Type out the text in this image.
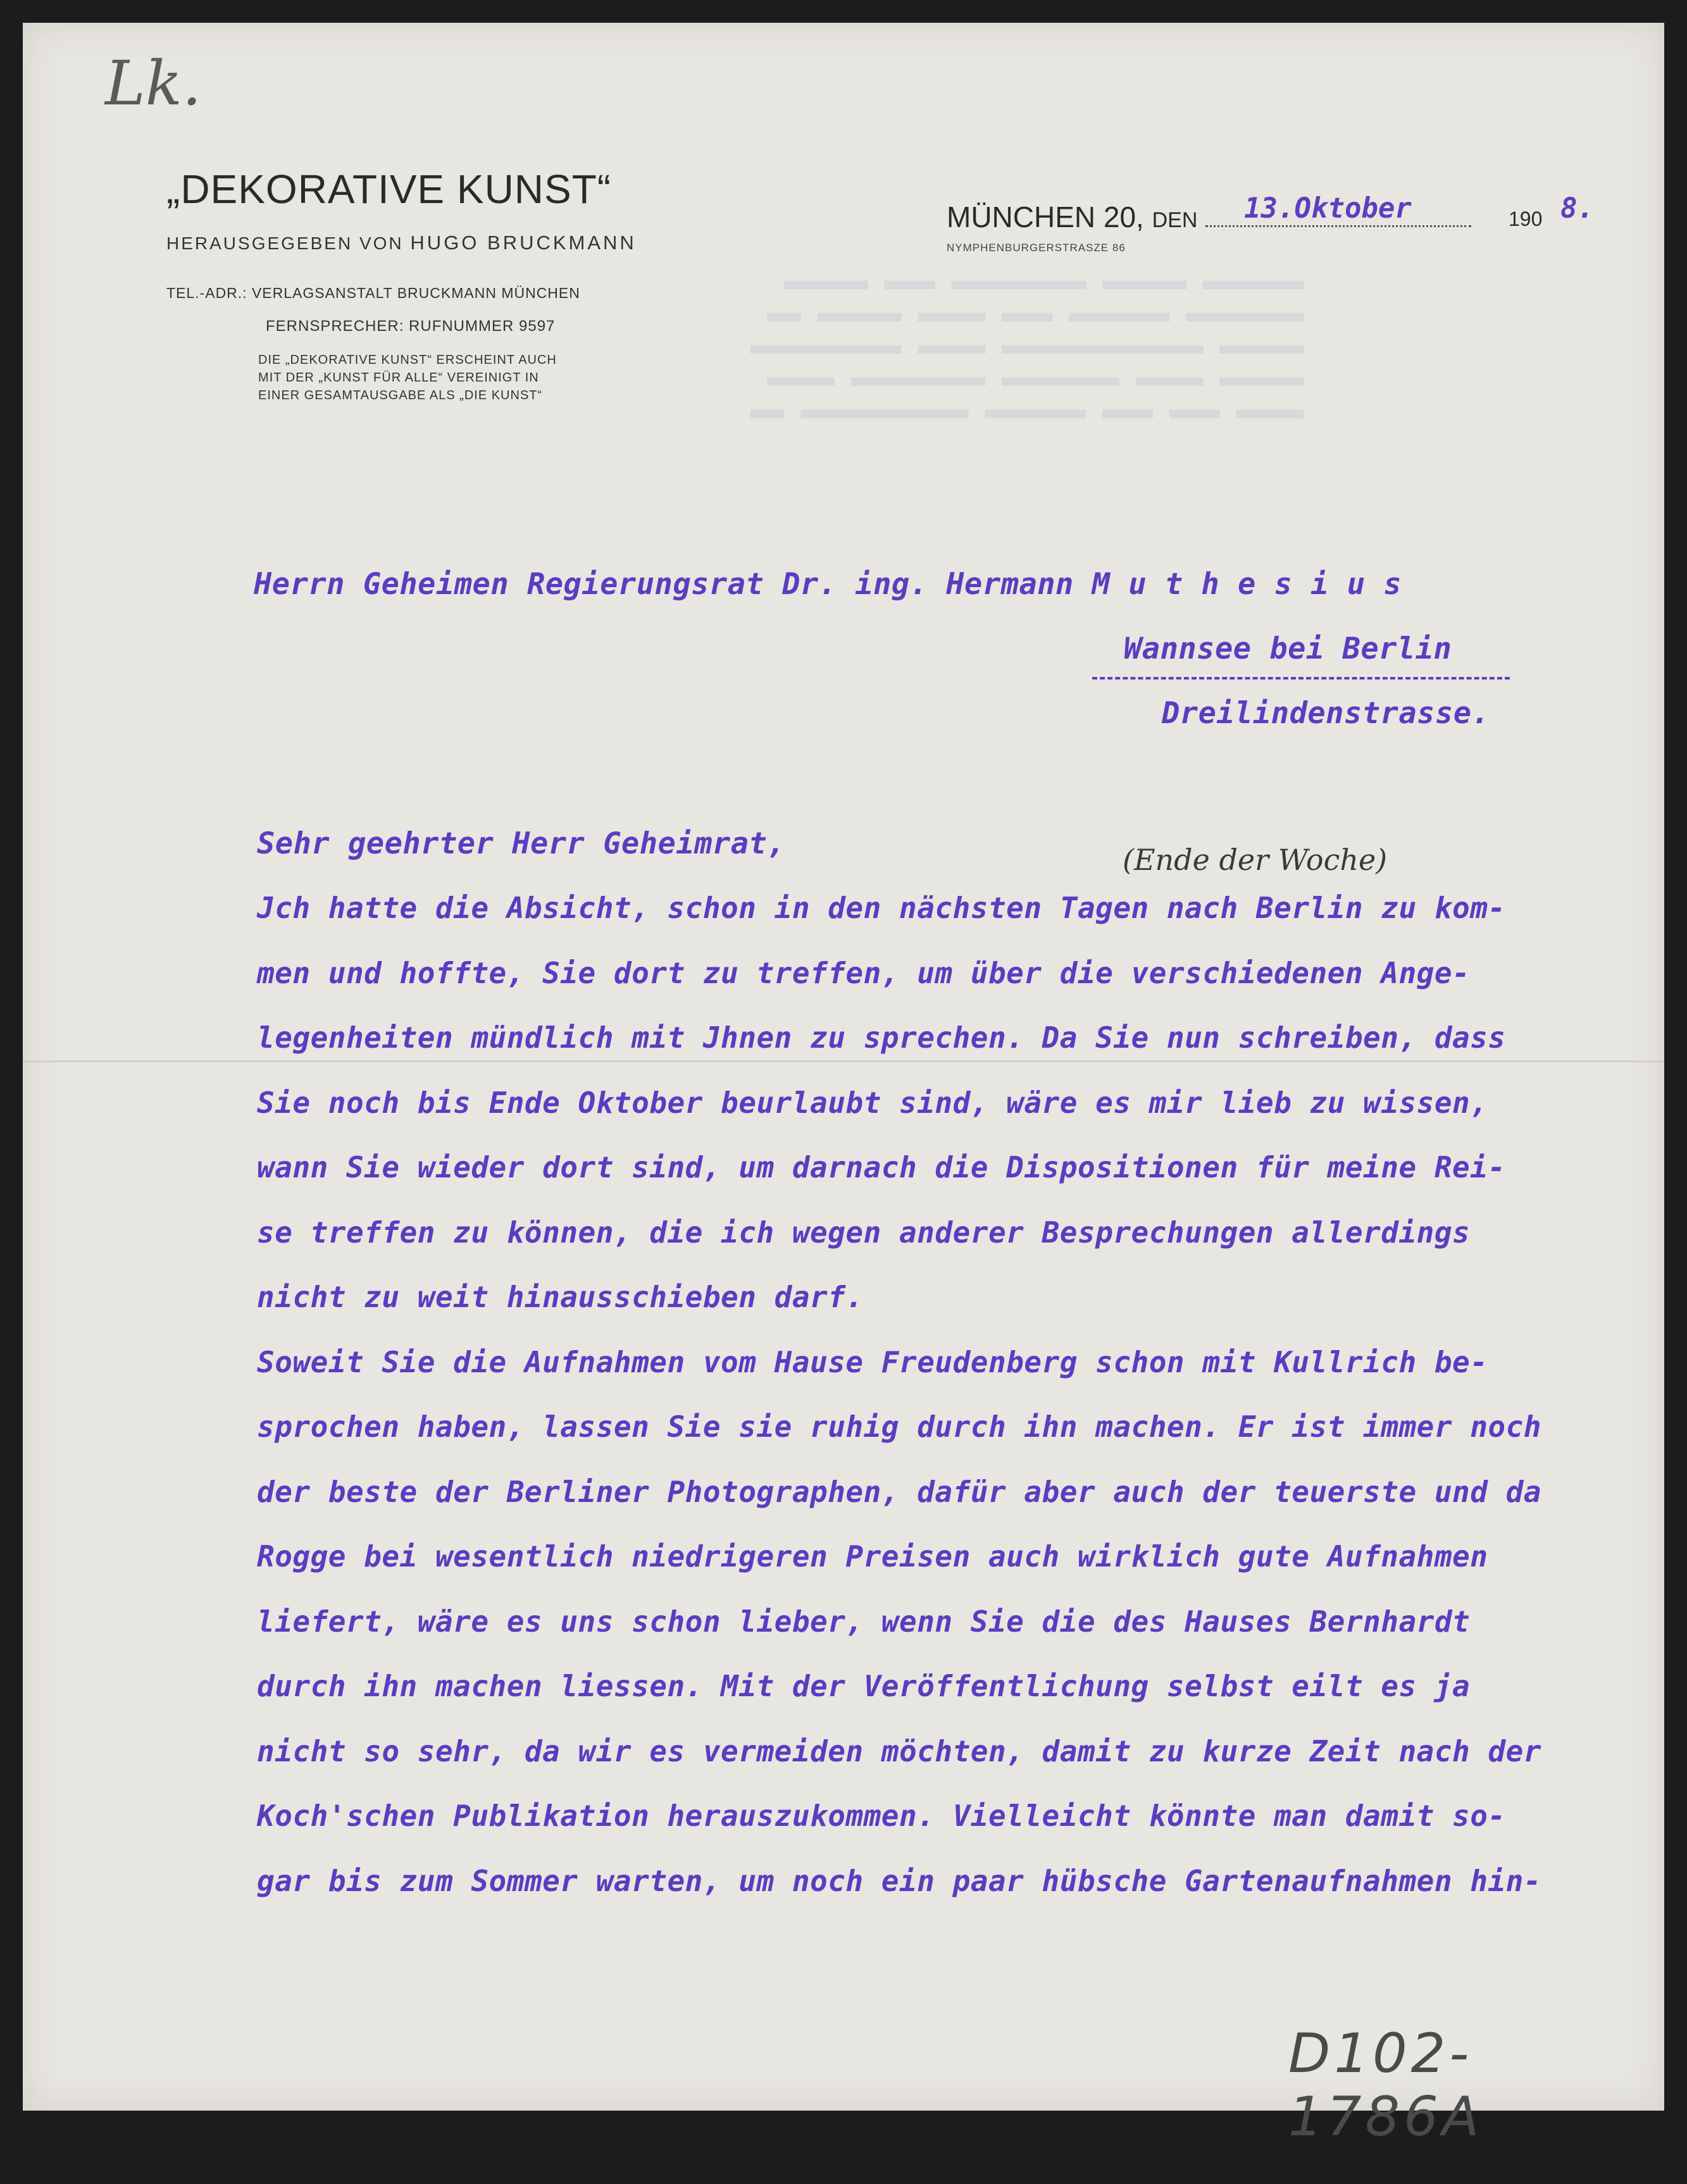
▂▂▂▂▂▂ ▂▂▂▂▂ ▂▂▂▂▂▂▂▂ ▂▂▂ ▂▂▂▂▂
▂▂▂▂▂▂▂ ▂▂▂▂▂▂ ▂▂▂ ▂▂▂▂ ▂▂▂▂▂ ▂▂
▂▂▂▂▂ ▂▂▂▂▂▂▂▂▂▂▂▂ ▂▂▂▂ ▂▂▂▂▂▂▂▂▂
▂▂▂▂▂ ▂▂▂▂ ▂▂▂▂▂▂▂ ▂▂▂▂▂▂▂▂ ▂▂▂▂
▂▂▂▂ ▂▂▂ ▂▂▂ ▂▂▂▂▂▂ ▂▂▂▂▂▂▂▂▂▂ ▂▂
Lk.
„DEKORATIVE KUNST“
HERAUSGEGEBEN VON HUGO BRUCKMANN
TEL.-ADR.: VERLAGSANSTALT BRUCKMANN MÜNCHEN
FERNSPRECHER: RUFNUMMER 9597
DIE „DEKORATIVE KUNST“ ERSCHEINT AUCH
MIT DER „KUNST FÜR ALLE“ VEREINIGT IN
EINER GESAMTAUSGABE ALS „DIE KUNST“
MÜNCHEN 20, DEN	13.Oktober	190 8.
NYMPHENBURGERSTRASZE 86
Herrn Geheimen Regierungsrat Dr. ing. Hermann M u t h e s i u s
Wannsee bei Berlin
Dreilindenstrasse.
Sehr geehrter Herr Geheimrat,	(Ende der Woche)
Jch hatte die Absicht, schon in den nächsten Tagen nach Berlin zu kom-
men und hoffte, Sie dort zu treffen, um über die verschiedenen Ange-
legenheiten mündlich mit Jhnen zu sprechen. Da Sie nun schreiben, dass
Sie noch bis Ende Oktober beurlaubt sind, wäre es mir lieb zu wissen,
wann Sie wieder dort sind, um darnach die Dispositionen für meine Rei-
se treffen zu können, die ich wegen anderer Besprechungen allerdings
nicht zu weit hinausschieben darf.
Soweit Sie die Aufnahmen vom Hause Freudenberg schon mit Kullrich be-
sprochen haben, lassen Sie sie ruhig durch ihn machen. Er ist immer noch
der beste der Berliner Photographen, dafür aber auch der teuerste und da
Rogge bei wesentlich niedrigeren Preisen auch wirklich gute Aufnahmen
liefert, wäre es uns schon lieber, wenn Sie die des Hauses Bernhardt
durch ihn machen liessen. Mit der Veröffentlichung selbst eilt es ja
nicht so sehr, da wir es vermeiden möchten, damit zu kurze Zeit nach der
Koch'schen Publikation herauszukommen. Vielleicht könnte man damit so-
gar bis zum Sommer warten, um noch ein paar hübsche Gartenaufnahmen hin-
D102-1786A
